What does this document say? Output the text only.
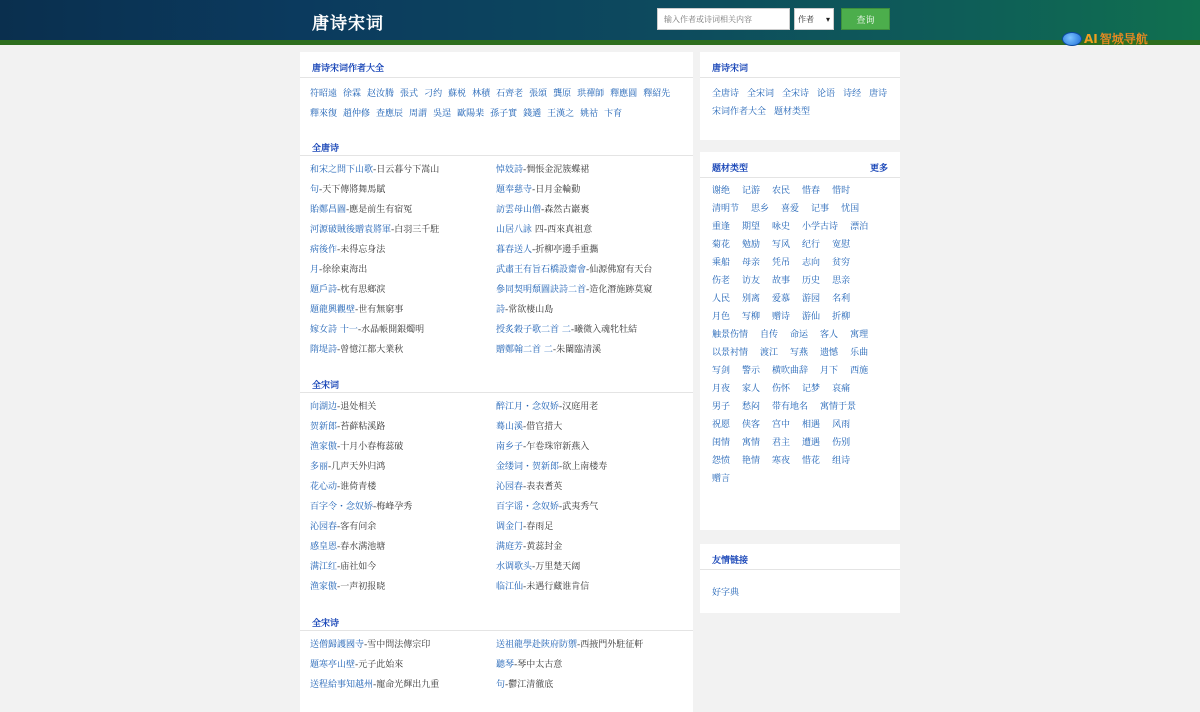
唐诗宋词
输入作者或诗词相关内容	作者 ▾	查询
AI 智城导航
唐诗宋词作者大全
符昭遠 徐霖 赵汝腾 張式 刁约 蘇棁 林積 石齊老 張頌 龔原 珙禪師 釋應圓 釋紹先釋來復 趙仲修 查應辰 周謂 吳逞 歐陽棐 孫子實 錢遹 王漢之 姚祜 卞育
全唐诗
和宋之問下山歌-日云暮兮下嵩山	悼妓詩-惆悵金泥簇蝶裙
句-天下傳將舞馬賦	題奉慈寺-日月金輪動
貽鄭昌圖-應是前生有宿冤	訪雲母山僧-森然古巖裏
河源破賊後贈袁將軍-白羽三千駐	山居八詠 四-西來真祖意
病後作-未得忘身法	暮春送人-折柳亭邊手重攜
月-徐徐東海出	武肅王有旨石橋設齋會-仙源佛窟有天台
題戶詩-枕有思鄉淚	參同契明頹圖訣詩二首-造化潛施跡莫窺
題龍興觀壁-世有無窮事	詩-常欲棲山島
嫁女詩 十一-水晶帳開銀燭明	授炙穀子歌二首 二-曦微入魂牝牡結
隋堤詩-曾憶江都大業秋	贈鄭翰二首 二-朱闌臨清溪
全宋词
向湖边-退处相关	醉江月・念奴娇-汉庭用老
贺新郎-苔藓粘溪路	蓦山溪-借官措大
渔家傲-十月小春梅蕊破	南乡子-乍卷珠帘新燕入
多丽-几声天外归鸿	金缕词・贺新郎-欲上南楼寿
花心动-谁倚青楼	沁园春-表表耆英
百字令・念奴娇-梅峰孕秀	百字谣・念奴娇-武夷秀气
沁园春-客有问余	调金门-春雨足
感皇恩-春水满池塘	满庭芳-黄蕊封金
满江红-庙社如今	水调歌头-万里楚天阔
渔家傲-一声初报晓	临江仙-未遇行藏谁肯信
全宋诗
送僧歸護國寺-雪中問法傳宗印	送祖龍學赴陝府防禦-西掖門外駐征軒
題寒亭山壁-元子此始來	聽琴-琴中太古意
送程給事知越州-寵命光輝出九重	句-鬱江清徹底
唐诗宋词
全唐诗 全宋词 全宋诗 论语 诗经 唐诗宋词作者大全 题材类型
题材类型	更多
谢绝 记游 农民 惜春 惜时
清明节 思乡 喜爱 记事 忧国
重逢 期望 咏史 小学古诗 漂泊
菊花 勉励 写风 纪行 宽慰
乘船 母亲 凭吊 志向 贫穷
伤老 访友 故事 历史 思亲
人民 别离 爱慕 游园 名利
月色 写柳 赠诗 游仙 折柳
触景伤情 自传 命运 客人 寓理
以景衬情 渡江 写燕 遗憾 乐曲
写剑 警示 横吹曲辞 月下 西施
月夜 家人 伤怀 记梦 哀痛
男子 愁闷 带有地名 寓情于景
祝愿 侠客 宫中 相遇 风雨
闺情 寓情 君主 遭遇 伤别
怨愤 艳情 寒夜 惜花 组诗
赠言
友情链接
好字典
